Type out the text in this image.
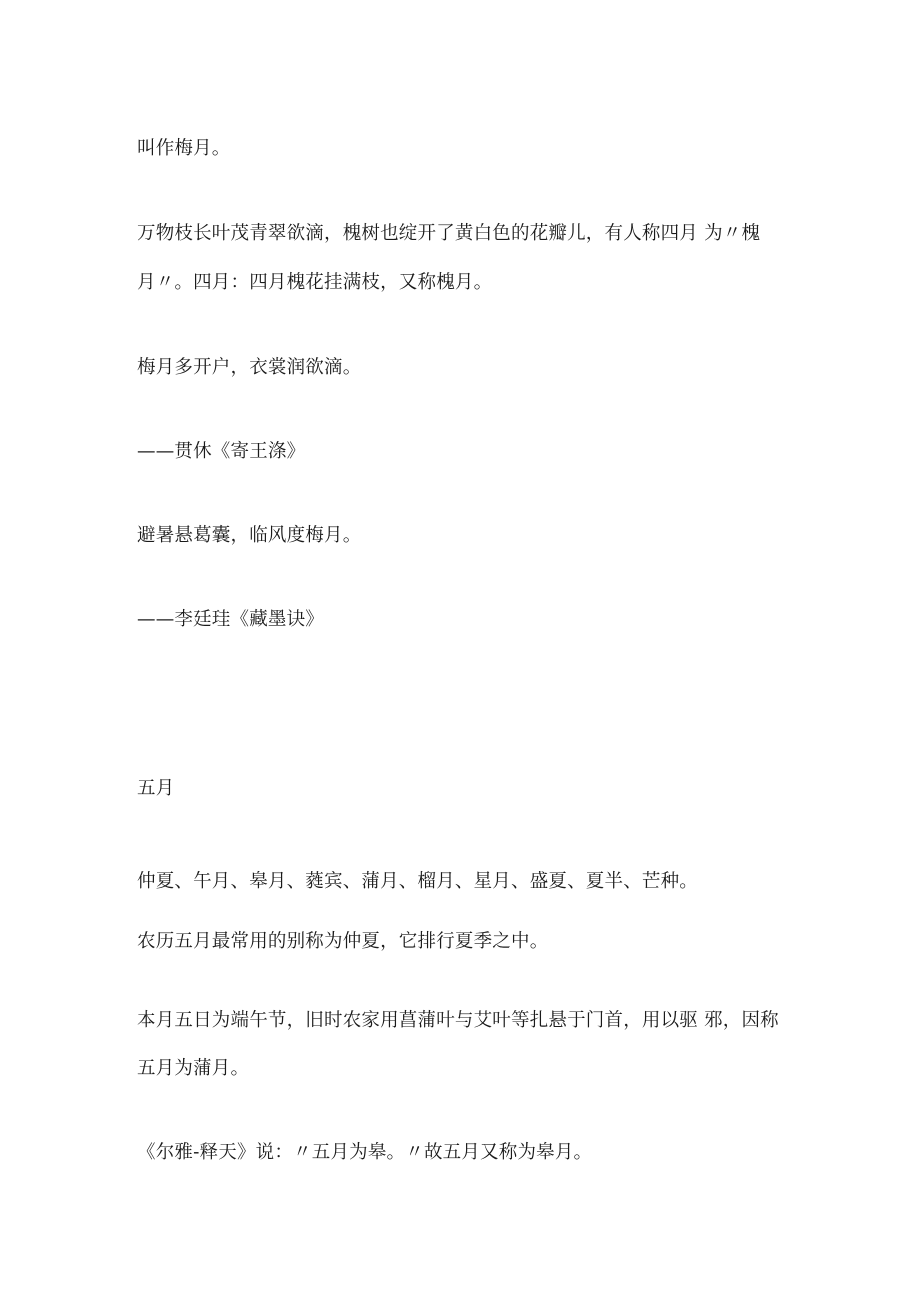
叫作梅月。
万物枝长叶茂青翠欲滴，槐树也绽开了黄白色的花瓣儿，有人称四月 为〃槐
月〃。四月：四月槐花挂满枝，又称槐月。
梅月多开户，衣裳润欲滴。
——贯休《寄王涤》
避暑悬葛囊，临风度梅月。
——李廷珪《藏墨诀》
五月
仲夏、午月、皋月、蕤宾、蒲月、榴月、星月、盛夏、夏半、芒种。
农历五月最常用的别称为仲夏，它排行夏季之中。
本月五日为端午节，旧时农家用菖蒲叶与艾叶等扎悬于门首，用以驱 邪，因称
五月为蒲月。
《尔雅-释天》说：〃五月为皋。〃故五月又称为皋月。
